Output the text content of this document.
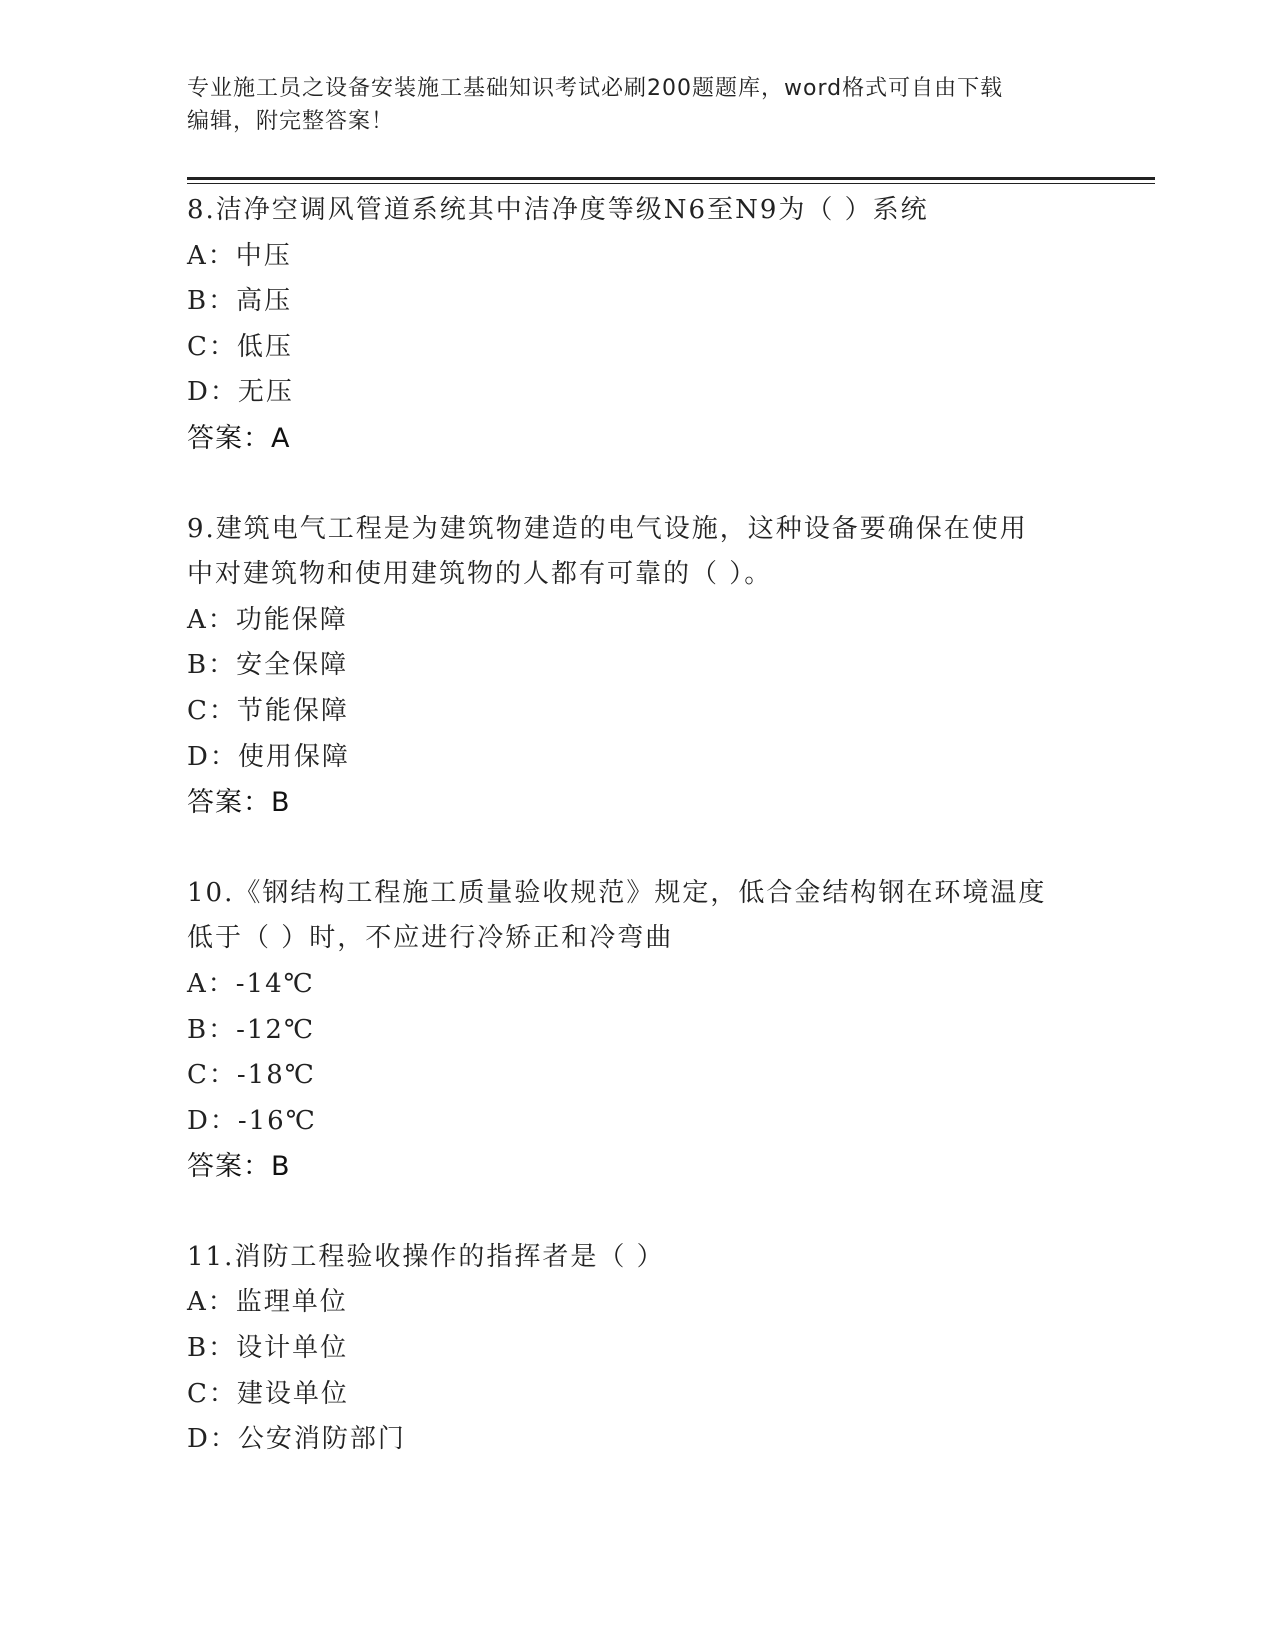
专业施工员之设备安装施工基础知识考试必刷200题题库，word格式可自由下载
编辑，附完整答案！
8.洁净空调风管道系统其中洁净度等级N6至N9为（ ）系统
A：中压
B：高压
C：低压
D：无压
答案：A
9.建筑电气工程是为建筑物建造的电气设施，这种设备要确保在使用
中对建筑物和使用建筑物的人都有可靠的（ ）。
A：功能保障
B：安全保障
C：节能保障
D：使用保障
答案：B
10.《钢结构工程施工质量验收规范》规定，低合金结构钢在环境温度
低于（ ）时，不应进行冷矫正和冷弯曲
A：-14℃
B：-12℃
C：-18℃
D：-16℃
答案：B
11.消防工程验收操作的指挥者是（ ）
A：监理单位
B：设计单位
C：建设单位
D：公安消防部门
